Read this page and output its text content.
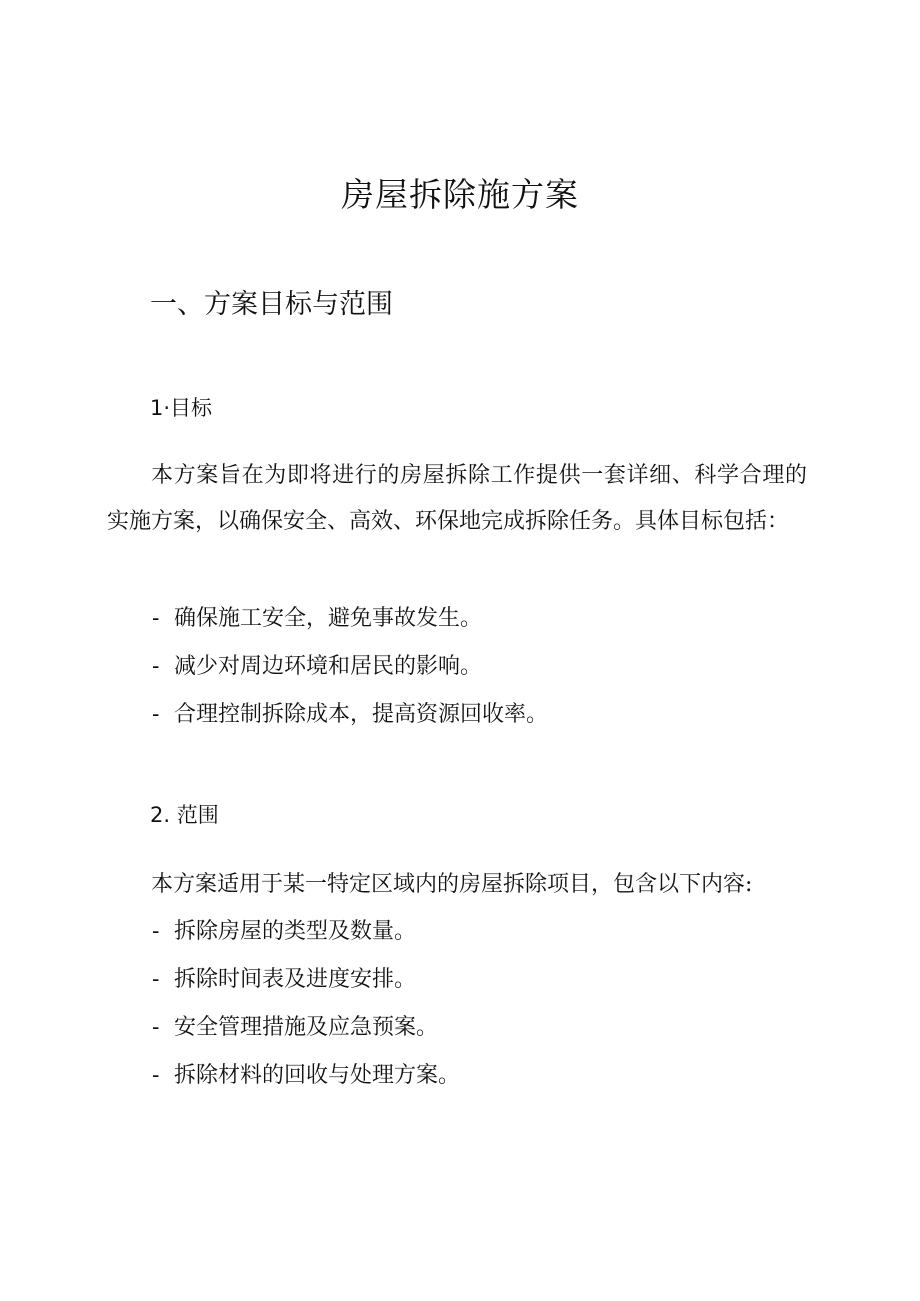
房屋拆除施方案
一、方案目标与范围
1·目标

本方案旨在为即将进行的房屋拆除工作提供一套详细、科学合理的实施方案，以确保安全、高效、环保地完成拆除任务。具体目标包括：

- 确保施工安全，避免事故发生。
- 减少对周边环境和居民的影响。
- 合理控制拆除成本，提高资源回收率。
2. 范围

本方案适用于某一特定区域内的房屋拆除项目，包含以下内容:

- 拆除房屋的类型及数量。
- 拆除时间表及进度安排。
- 安全管理措施及应急预案。
- 拆除材料的回收与处理方案。
